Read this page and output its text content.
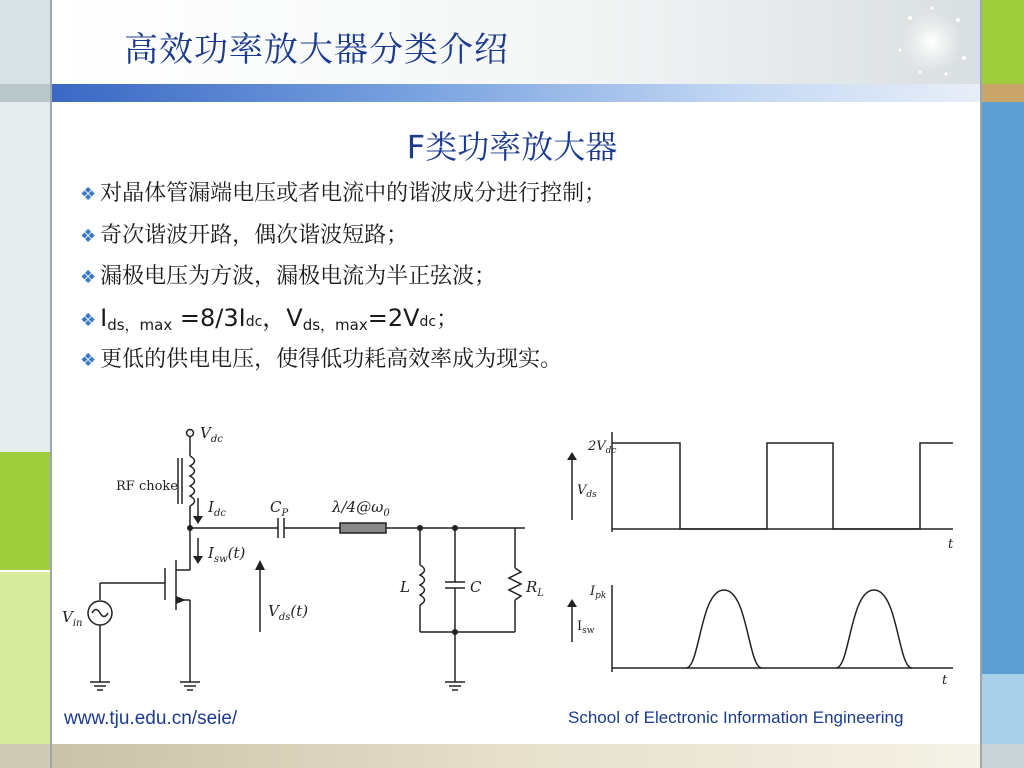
高效功率放大器分类介绍
F类功率放大器
❖ 对晶体管漏端电压或者电流中的谐波成分进行控制；
❖ 奇次谐波开路，偶次谐波短路；
❖ 漏极电压为方波，漏极电流为半正弦波；
❖ $I_{ds,max} =8/3Idc$，$V_{ds,max}=2Vdc$；
❖ 更低的供电电压，使得低功耗高效率成为现实。
$V_{dc}$
RF choke
$I_{dc}$	$C_P$	$\lambda/4@\omega_0$
$I_{sw}(t)$
$V_{ds}(t)$
$V_{in}$
L	C	$R_L$
$2V_{dc}$
$V_{ds}$
t
$I_{pk}$
$I_{sw}$
t
www.tju.edu.cn/seie/	School of Electronic Information Engineering
